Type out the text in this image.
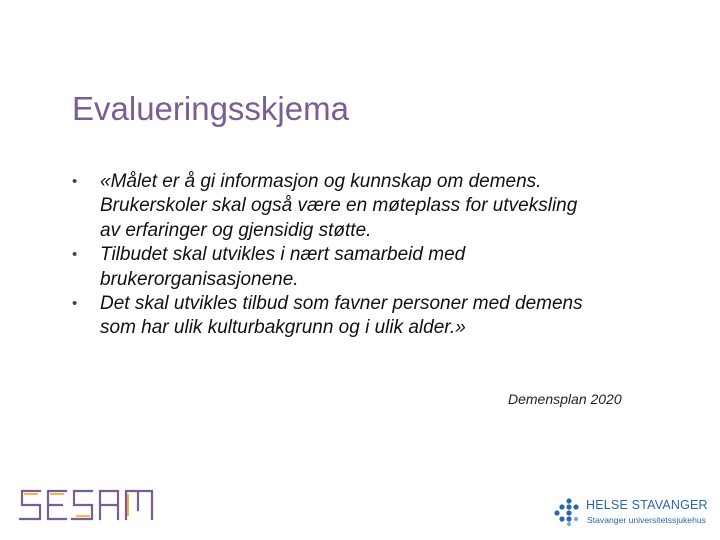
Evalueringsskjema
• «Målet er å gi informasjon og kunnskap om demens.
Brukerskoler skal også være en møteplass for utveksling
av erfaringer og gjensidig støtte.
• Tilbudet skal utvikles i nært samarbeid med
brukerorganisasjonene.
• Det skal utvikles tilbud som favner personer med demens
som har ulik kulturbakgrunn og i ulik alder.»
Demensplan 2020
HELSE STAVANGER
Stavanger universitetssjukehus
